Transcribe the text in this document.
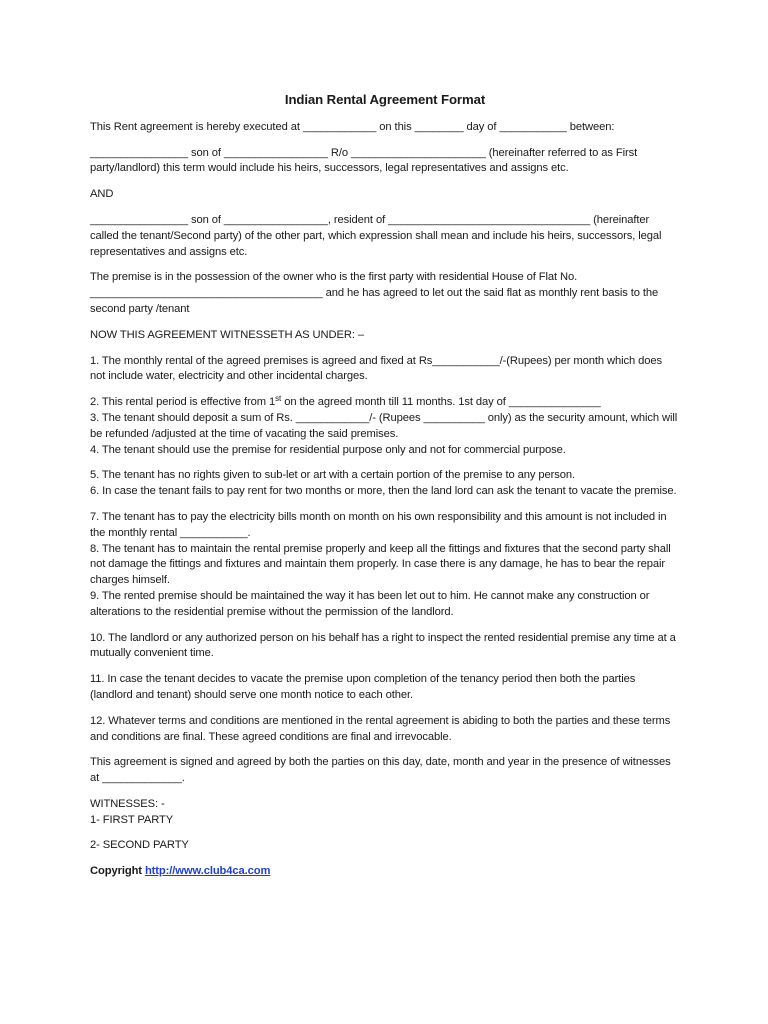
Indian Rental Agreement Format

This Rent agreement is hereby executed at ____________ on this ________ day of ___________ between:

________________ son of _________________ R/o ______________________ (hereinafter referred to as First party/landlord) this term would include his heirs, successors, legal representatives and assigns etc.

AND

________________ son of _________________, resident of _________________________________ (hereinafter called the tenant/Second party) of the other part, which expression shall mean and include his heirs, successors, legal representatives and assigns etc.

The premise is in the possession of the owner who is the first party with residential House of Flat No. ______________________________________ and he has agreed to let out the said flat as monthly rent basis to the second party /tenant

NOW THIS AGREEMENT WITNESSETH AS UNDER: –

1. The monthly rental of the agreed premises is agreed and fixed at Rs___________/-(Rupees) per month which does not include water, electricity and other incidental charges.

2. This rental period is effective from 1st on the agreed month till 11 months. 1st day of _______________
3. The tenant should deposit a sum of Rs. ____________/- (Rupees __________ only) as the security amount, which will be refunded /adjusted at the time of vacating the said premises.
4. The tenant should use the premise for residential purpose only and not for commercial purpose.
5. The tenant has no rights given to sub-let or art with a certain portion of the premise to any person.
6. In case the tenant fails to pay rent for two months or more, then the land lord can ask the tenant to vacate the premise.
7. The tenant has to pay the electricity bills month on month on his own responsibility and this amount is not included in the monthly rental ___________.
8. The tenant has to maintain the rental premise properly and keep all the fittings and fixtures that the second party shall not damage the fittings and fixtures and maintain them properly. In case there is any damage, he has to bear the repair charges himself.
9. The rented premise should be maintained the way it has been let out to him. He cannot make any construction or alterations to the residential premise without the permission of the landlord.

10. The landlord or any authorized person on his behalf has a right to inspect the rented residential premise any time at a mutually convenient time.

11. In case the tenant decides to vacate the premise upon completion of the tenancy period then both the parties (landlord and tenant) should serve one month notice to each other.

12. Whatever terms and conditions are mentioned in the rental agreement is abiding to both the parties and these terms and conditions are final. These agreed conditions are final and irrevocable.

This agreement is signed and agreed by both the parties on this day, date, month and year in the presence of witnesses at _____________.

WITNESSES: -
1- FIRST PARTY

2- SECOND PARTY

Copyright http://www.club4ca.com
